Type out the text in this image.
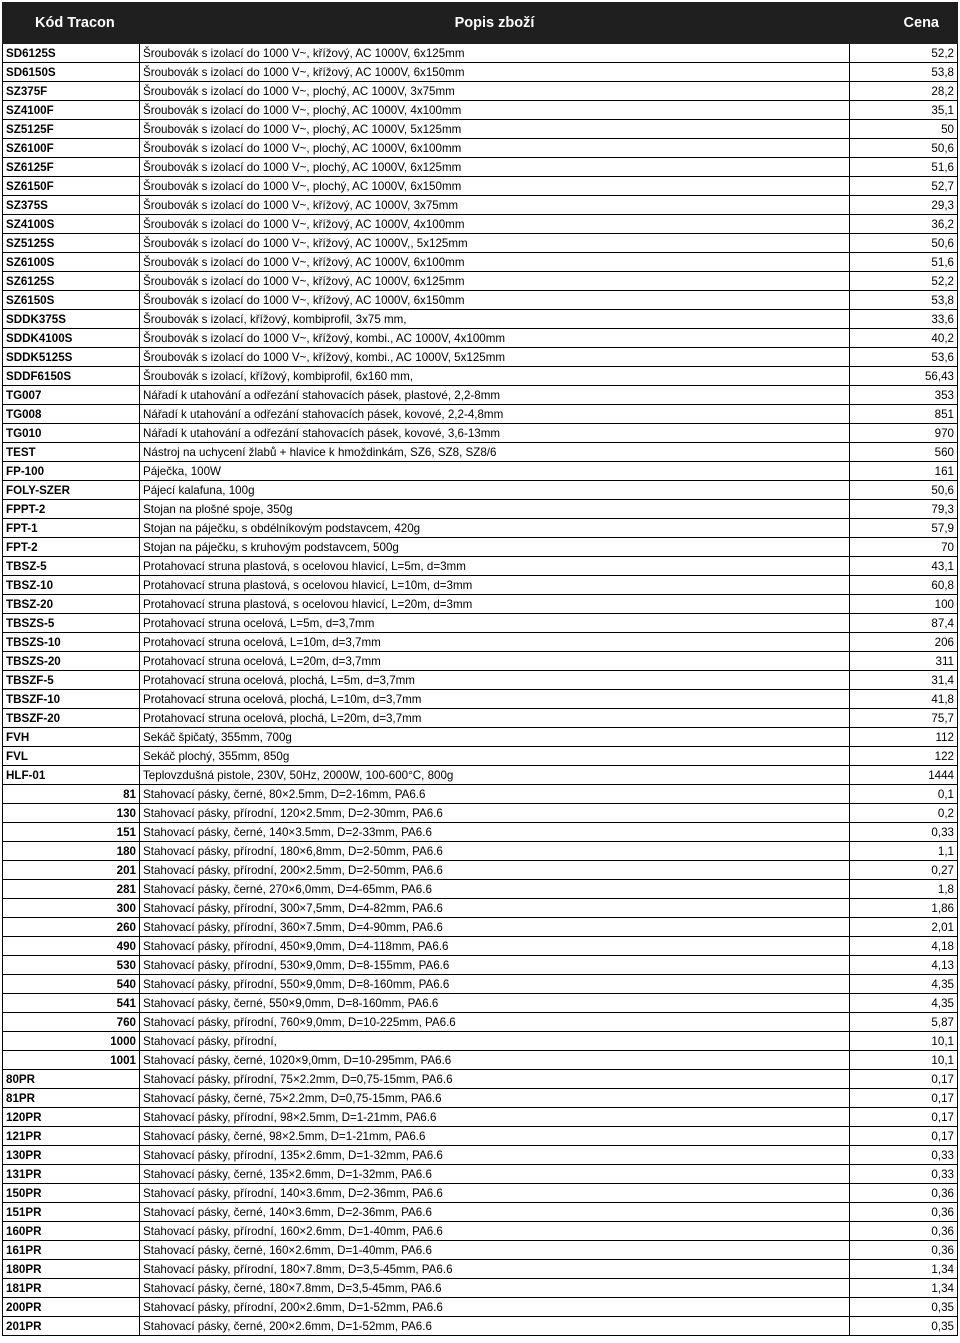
Kód Tracon	Popis zboží	Cena
SD6125S	Šroubovák s izolací do 1000 V~, křížový, AC 1000V, 6x125mm	52,2
SD6150S	Šroubovák s izolací do 1000 V~, křížový, AC 1000V, 6x150mm	53,8
SZ375F	Šroubovák s izolací do 1000 V~, plochý, AC 1000V, 3x75mm	28,2
SZ4100F	Šroubovák s izolací do 1000 V~, plochý, AC 1000V, 4x100mm	35,1
SZ5125F	Šroubovák s izolací do 1000 V~, plochý, AC 1000V, 5x125mm	50
SZ6100F	Šroubovák s izolací do 1000 V~, plochý, AC 1000V, 6x100mm	50,6
SZ6125F	Šroubovák s izolací do 1000 V~, plochý, AC 1000V, 6x125mm	51,6
SZ6150F	Šroubovák s izolací do 1000 V~, plochý, AC 1000V, 6x150mm	52,7
SZ375S	Šroubovák s izolací do 1000 V~, křížový, AC 1000V, 3x75mm	29,3
SZ4100S	Šroubovák s izolací do 1000 V~, křížový, AC 1000V, 4x100mm	36,2
SZ5125S	Šroubovák s izolací do 1000 V~, křížový, AC 1000V,, 5x125mm	50,6
SZ6100S	Šroubovák s izolací do 1000 V~, křížový, AC 1000V, 6x100mm	51,6
SZ6125S	Šroubovák s izolací do 1000 V~, křížový, AC 1000V, 6x125mm	52,2
SZ6150S	Šroubovák s izolací do 1000 V~, křížový, AC 1000V, 6x150mm	53,8
SDDK375S	Šroubovák s izolací, křížový, kombiprofil, 3x75 mm,	33,6
SDDK4100S	Šroubovák s izolací do 1000 V~, křížový, kombi., AC 1000V, 4x100mm	40,2
SDDK5125S	Šroubovák s izolací do 1000 V~, křížový, kombi., AC 1000V, 5x125mm	53,6
SDDF6150S	Šroubovák s izolací, křížový, kombiprofil, 6x160 mm,	56,43
TG007	Nářadí k utahování a odřezání stahovacích pásek, plastové, 2,2-8mm	353
TG008	Nářadí k utahování a odřezání stahovacích pásek, kovové, 2,2-4,8mm	851
TG010	Nářadí k utahování a odřezání stahovacích pásek, kovové, 3,6-13mm	970
TEST	Nástroj na uchycení žlabů + hlavice k hmoždinkám, SZ6, SZ8, SZ8/6	560
FP-100	Páječka, 100W	161
FOLY-SZER	Pájecí kalafuna, 100g	50,6
FPPT-2	Stojan na plošné spoje, 350g	79,3
FPT-1	Stojan na páječku, s obdélníkovým podstavcem, 420g	57,9
FPT-2	Stojan na páječku, s kruhovým podstavcem, 500g	70
TBSZ-5	Protahovací struna plastová, s ocelovou hlavicí, L=5m, d=3mm	43,1
TBSZ-10	Protahovací struna plastová, s ocelovou hlavicí, L=10m, d=3mm	60,8
TBSZ-20	Protahovací struna plastová, s ocelovou hlavicí, L=20m, d=3mm	100
TBSZS-5	Protahovací struna ocelová, L=5m, d=3,7mm	87,4
TBSZS-10	Protahovací struna ocelová, L=10m, d=3,7mm	206
TBSZS-20	Protahovací struna ocelová, L=20m, d=3,7mm	311
TBSZF-5	Protahovací struna ocelová, plochá, L=5m, d=3,7mm	31,4
TBSZF-10	Protahovací struna ocelová, plochá, L=10m, d=3,7mm	41,8
TBSZF-20	Protahovací struna ocelová, plochá, L=20m, d=3,7mm	75,7
FVH	Sekáč špičatý, 355mm, 700g	112
FVL	Sekáč plochý, 355mm, 850g	122
HLF-01	Teplovzdušná pistole, 230V, 50Hz, 2000W, 100-600°C, 800g	1444
81	Stahovací pásky, černé, 80×2.5mm, D=2-16mm, PA6.6	0,1
130	Stahovací pásky, přírodní, 120×2.5mm, D=2-30mm, PA6.6	0,2
151	Stahovací pásky, černé, 140×3.5mm, D=2-33mm, PA6.6	0,33
180	Stahovací pásky, přírodní, 180×6,8mm, D=2-50mm, PA6.6	1,1
201	Stahovací pásky, přírodní, 200×2.5mm, D=2-50mm, PA6.6	0,27
281	Stahovací pásky, černé, 270×6,0mm, D=4-65mm, PA6.6	1,8
300	Stahovací pásky, přírodní, 300×7,5mm, D=4-82mm, PA6.6	1,86
260	Stahovací pásky, přírodní, 360×7.5mm, D=4-90mm, PA6.6	2,01
490	Stahovací pásky, přírodní, 450×9,0mm, D=4-118mm, PA6.6	4,18
530	Stahovací pásky, přírodní, 530×9,0mm, D=8-155mm, PA6.6	4,13
540	Stahovací pásky, přírodní, 550×9,0mm, D=8-160mm, PA6.6	4,35
541	Stahovací pásky, černé, 550×9,0mm, D=8-160mm, PA6.6	4,35
760	Stahovací pásky, přírodní, 760×9,0mm, D=10-225mm, PA6.6	5,87
1000	Stahovací pásky, přírodní,	10,1
1001	Stahovací pásky, černé, 1020×9,0mm, D=10-295mm, PA6.6	10,1
80PR	Stahovací pásky, přírodní, 75×2.2mm, D=0,75-15mm, PA6.6	0,17
81PR	Stahovací pásky, černé, 75×2.2mm, D=0,75-15mm, PA6.6	0,17
120PR	Stahovací pásky, přírodní, 98×2.5mm, D=1-21mm, PA6.6	0,17
121PR	Stahovací pásky, černé, 98×2.5mm, D=1-21mm, PA6.6	0,17
130PR	Stahovací pásky, přírodní, 135×2.6mm, D=1-32mm, PA6.6	0,33
131PR	Stahovací pásky, černé, 135×2.6mm, D=1-32mm, PA6.6	0,33
150PR	Stahovací pásky, přírodní, 140×3.6mm, D=2-36mm, PA6.6	0,36
151PR	Stahovací pásky, černé, 140×3.6mm, D=2-36mm, PA6.6	0,36
160PR	Stahovací pásky, přírodní, 160×2.6mm, D=1-40mm, PA6.6	0,36
161PR	Stahovací pásky, černé, 160×2.6mm, D=1-40mm, PA6.6	0,36
180PR	Stahovací pásky, přírodní, 180×7.8mm, D=3,5-45mm, PA6.6	1,34
181PR	Stahovací pásky, černé, 180×7.8mm, D=3,5-45mm, PA6.6	1,34
200PR	Stahovací pásky, přírodní, 200×2.6mm, D=1-52mm, PA6.6	0,35
201PR	Stahovací pásky, černé, 200×2.6mm, D=1-52mm, PA6.6	0,35
